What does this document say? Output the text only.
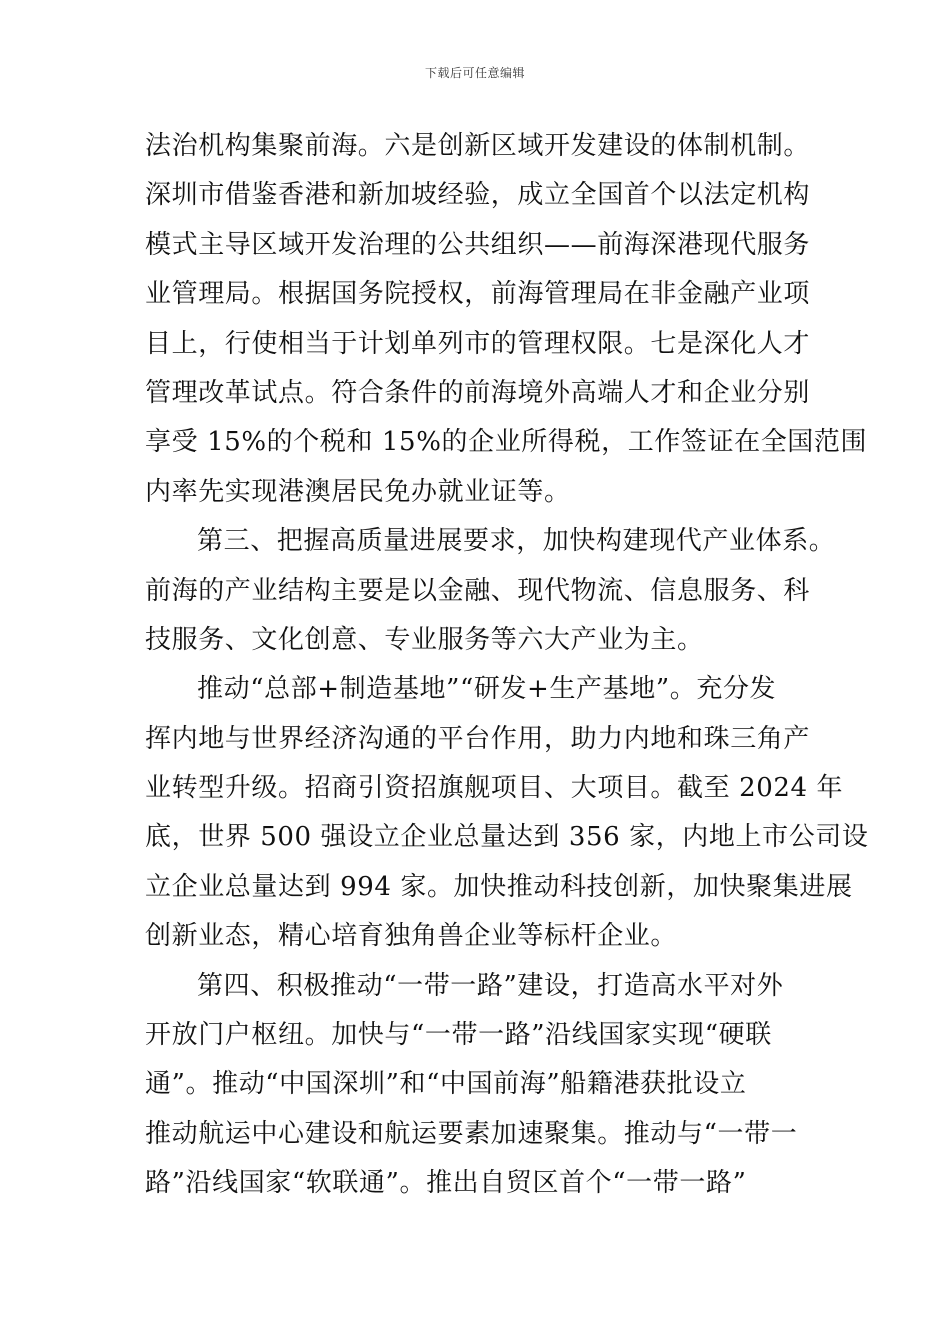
下载后可任意编辑
法治机构集聚前海。六是创新区域开发建设的体制机制。
深圳市借鉴香港和新加坡经验，成立全国首个以法定机构
模式主导区域开发治理的公共组织——前海深港现代服务
业管理局。根据国务院授权，前海管理局在非金融产业项
目上，行使相当于计划单列市的管理权限。七是深化人才
管理改革试点。符合条件的前海境外高端人才和企业分别
享受 15%的个税和 15%的企业所得税，工作签证在全国范围
内率先实现港澳居民免办就业证等。
第三、把握高质量进展要求，加快构建现代产业体系。
前海的产业结构主要是以金融、现代物流、信息服务、科
技服务、文化创意、专业服务等六大产业为主。
推动“总部+制造基地”“研发+生产基地”。充分发
挥内地与世界经济沟通的平台作用，助力内地和珠三角产
业转型升级。招商引资招旗舰项目、大项目。截至 2024 年
底，世界 500 强设立企业总量达到 356 家，内地上市公司设
立企业总量达到 994 家。加快推动科技创新，加快聚集进展
创新业态，精心培育独角兽企业等标杆企业。
第四、积极推动“一带一路”建设，打造高水平对外
开放门户枢纽。加快与“一带一路”沿线国家实现“硬联
通”。推动“中国深圳”和“中国前海”船籍港获批设立
推动航运中心建设和航运要素加速聚集。推动与“一带一
路”沿线国家“软联通”。推出自贸区首个“一带一路”
